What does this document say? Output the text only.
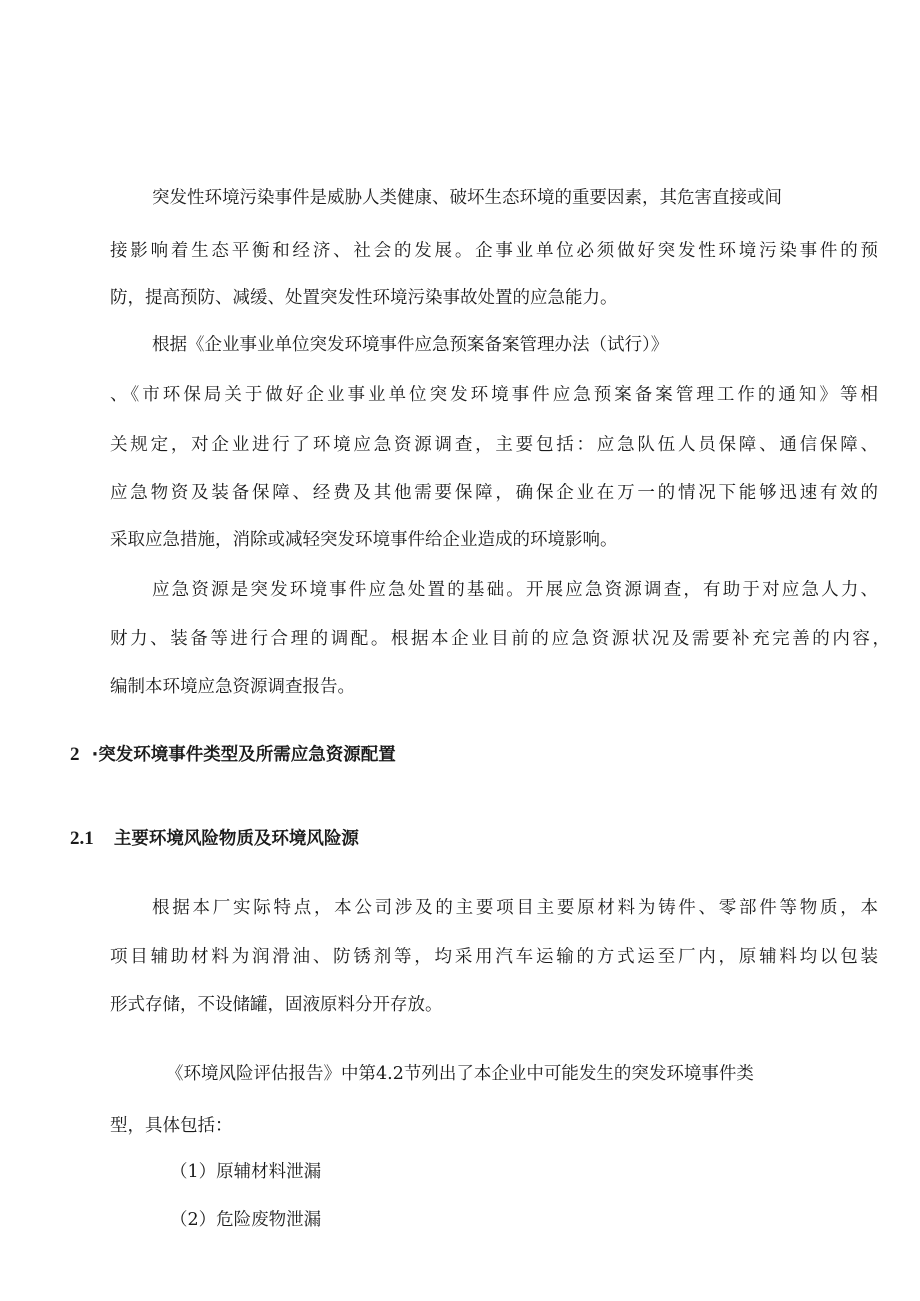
突发性环境污染事件是威胁人类健康、破坏生态环境的重要因素，其危害直接或间
接影响着生态平衡和经济、社会的发展。企事业单位必须做好突发性环境污染事件的预
防，提高预防、减缓、处置突发性环境污染事故处置的应急能力。
根据《企业事业单位突发环境事件应急预案备案管理办法（试行）》
、《市环保局关于做好企业事业单位突发环境事件应急预案备案管理工作的通知》等相
关规定，对企业进行了环境应急资源调查，主要包括：应急队伍人员保障、通信保障、
应急物资及装备保障、经费及其他需要保障，确保企业在万一的情况下能够迅速有效的
采取应急措施，消除或减轻突发环境事件给企业造成的环境影响。
应急资源是突发环境事件应急处置的基础。开展应急资源调查，有助于对应急人力、
财力、装备等进行合理的调配。根据本企业目前的应急资源状况及需要补充完善的内容，
编制本环境应急资源调查报告。
2 ·突发环境事件类型及所需应急资源配置
2.1 主要环境风险物质及环境风险源
根据本厂实际特点，本公司涉及的主要项目主要原材料为铸件、零部件等物质，本
项目辅助材料为润滑油、防锈剂等，均采用汽车运输的方式运至厂内，原辅料均以包装
形式存储，不设储罐，固液原料分开存放。
《环境风险评估报告》中第4.2节列出了本企业中可能发生的突发环境事件类
型，具体包括：
（1）原辅材料泄漏
（2）危险废物泄漏
